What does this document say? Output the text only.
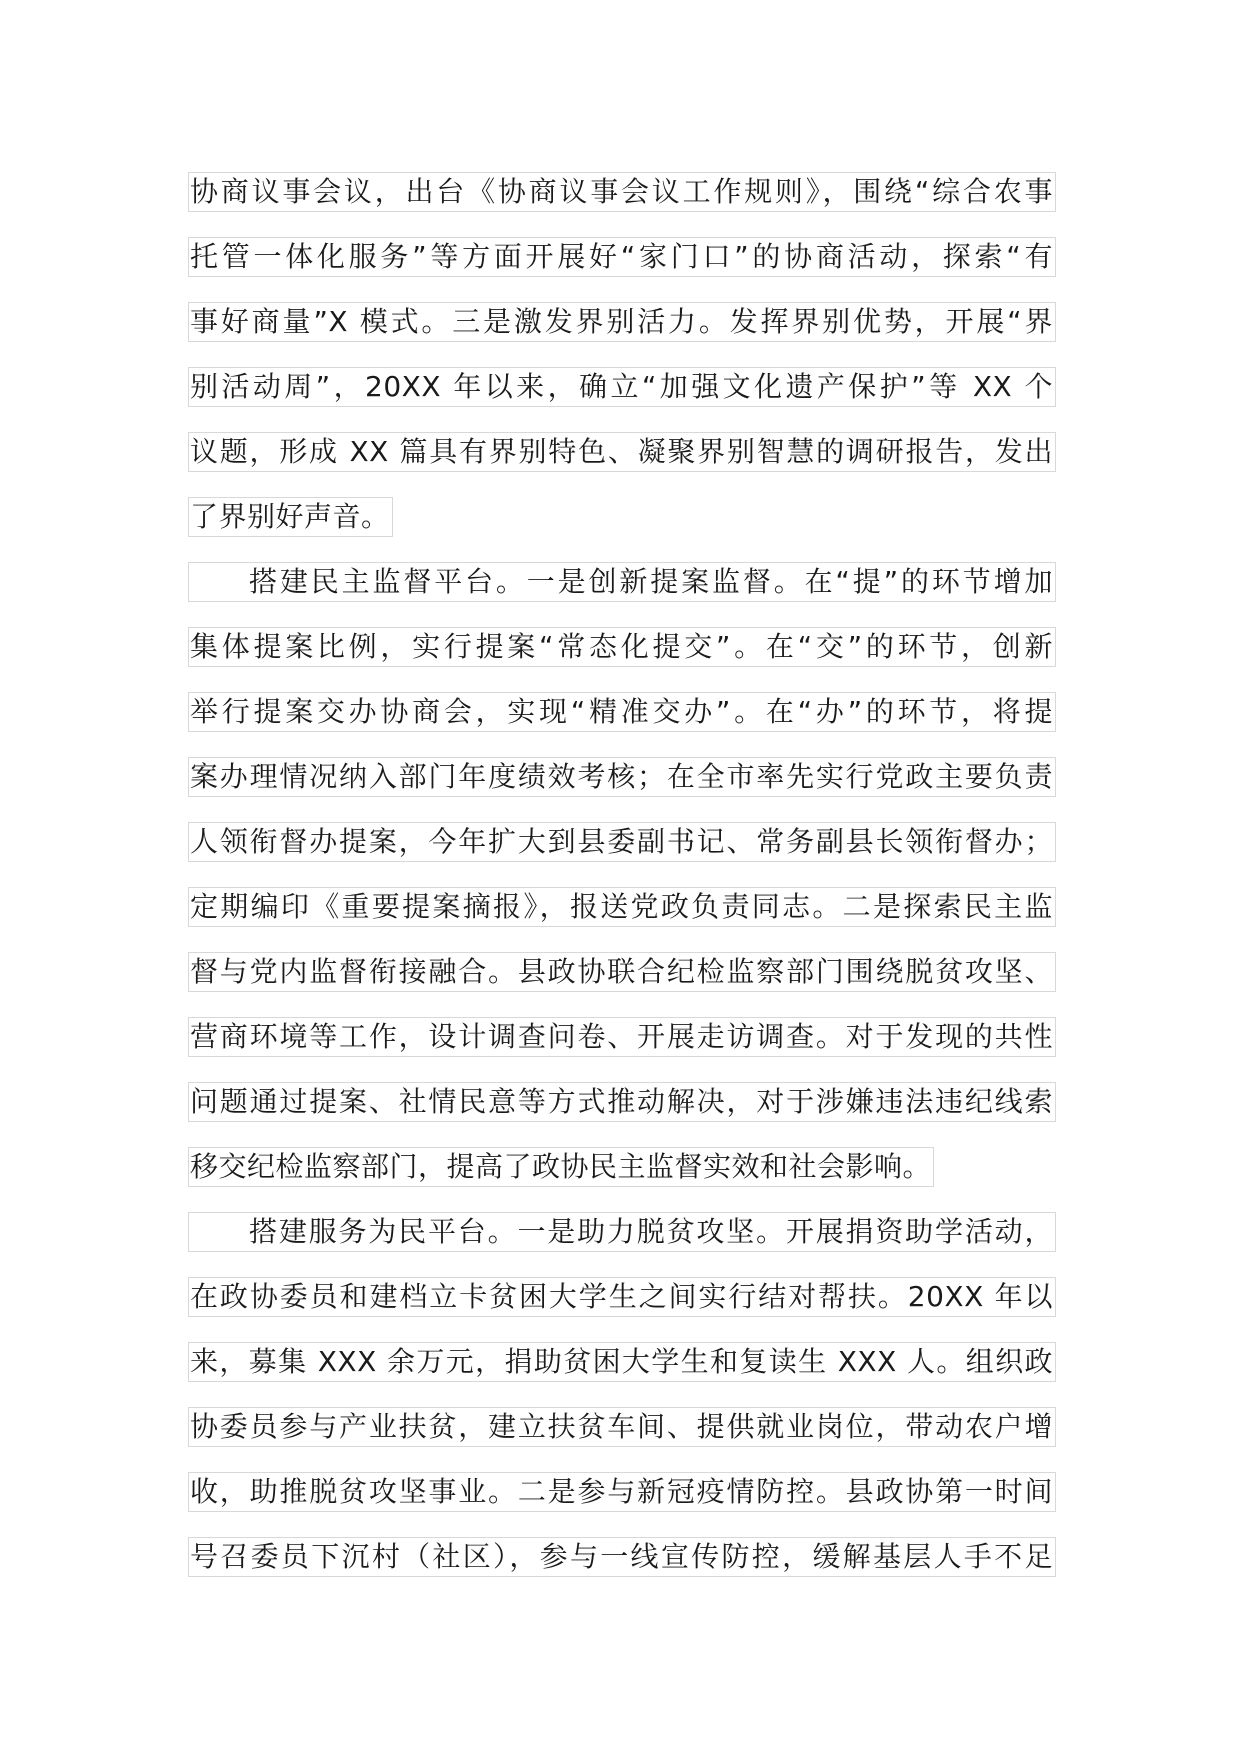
协商议事会议，出台《协商议事会议工作规则》，围绕“综合农事
托管一体化服务”等方面开展好“家门口”的协商活动，探索“有
事好商量”X 模式。三是激发界别活力。发挥界别优势，开展“界
别活动周”，20XX 年以来，确立“加强文化遗产保护”等 XX 个
议题，形成 XX 篇具有界别特色、凝聚界别智慧的调研报告，发出
了界别好声音。
搭建民主监督平台。一是创新提案监督。在“提”的环节增加
集体提案比例，实行提案“常态化提交”。在“交”的环节，创新
举行提案交办协商会，实现“精准交办”。在“办”的环节，将提
案办理情况纳入部门年度绩效考核；在全市率先实行党政主要负责
人领衔督办提案，今年扩大到县委副书记、常务副县长领衔督办；
定期编印《重要提案摘报》，报送党政负责同志。二是探索民主监
督与党内监督衔接融合。县政协联合纪检监察部门围绕脱贫攻坚、
营商环境等工作，设计调查问卷、开展走访调查。对于发现的共性
问题通过提案、社情民意等方式推动解决，对于涉嫌违法违纪线索
移交纪检监察部门，提高了政协民主监督实效和社会影响。
搭建服务为民平台。一是助力脱贫攻坚。开展捐资助学活动，
在政协委员和建档立卡贫困大学生之间实行结对帮扶。20XX 年以
来，募集 XXX 余万元，捐助贫困大学生和复读生 XXX 人。组织政
协委员参与产业扶贫，建立扶贫车间、提供就业岗位，带动农户增
收，助推脱贫攻坚事业。二是参与新冠疫情防控。县政协第一时间
号召委员下沉村（社区），参与一线宣传防控，缓解基层人手不足
